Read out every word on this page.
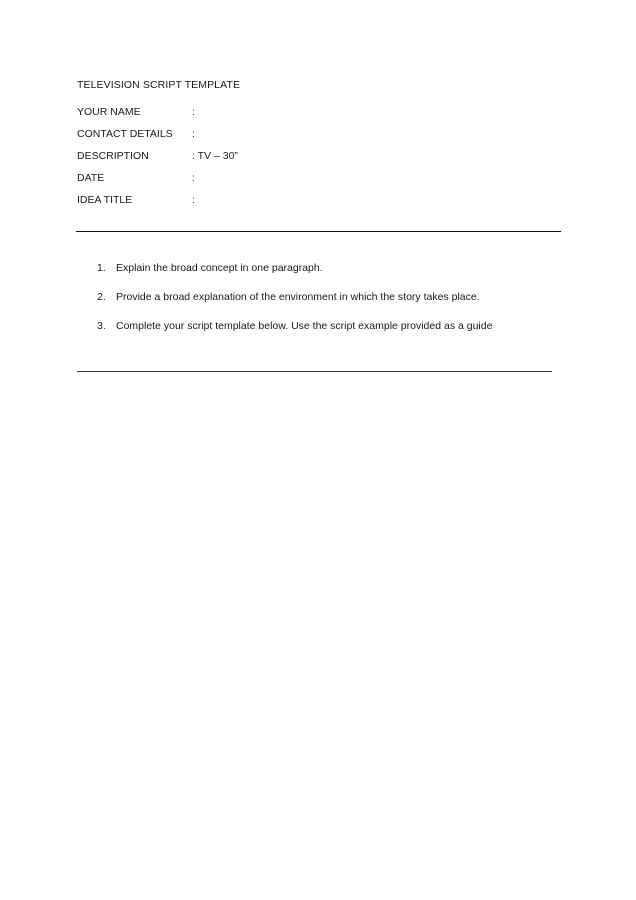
TELEVISION SCRIPT TEMPLATE
YOUR NAME	:
CONTACT DETAILS :
DESCRIPTION	: TV – 30”
DATE	:
IDEA TITLE	:
1. Explain the broad concept in one paragraph.
2. Provide a broad explanation of the environment in which the story takes place.
3. Complete your script template below. Use the script example provided as a guide
